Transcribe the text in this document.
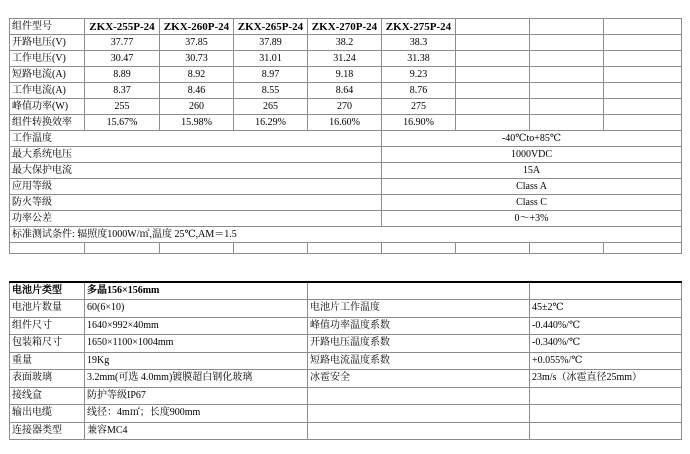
组件型号	ZKX-255P-24	ZKX-260P-24	ZKX-265P-24	ZKX-270P-24	ZKX-275P-24			
开路电压(V)	37.77	37.85	37.89	38.2	38.3			
工作电压(V)	30.47	30.73	31.01	31.24	31.38			
短路电流(A)	8.89	8.92	8.97	9.18	9.23			
工作电流(A)	8.37	8.46	8.55	8.64	8.76			
峰值功率(W)	255	260	265	270	275			
组件转换效率	15.67%	15.98%	16.29%	16.60%	16.90%			
工作温度					-40℃to+85℃			
最大系统电压					1000VDC			
最大保护电流					15A			
应用等级					Class A			
防火等级					Class C			
功率公差					0～+3%			
标准测试条件: 辐照度1000W/㎡,温度 25℃,AM＝1.5								

电池片类型	多晶156×156mm		
电池片数量	60(6×10)	电池片工作温度	45±2℃
组件尺寸	1640×992×40mm	峰值功率温度系数	-0.440%/℃
包装箱尺寸	1650×1100×1004mm	开路电压温度系数	-0.340%/℃
重量	19Kg	短路电流温度系数	+0.055%/℃
表面玻璃	3.2mm(可选 4.0mm)镀膜超白钢化玻璃	冰雹安全	23m/s（冰雹直径25mm）
接线盒	防护等级IP67		
输出电缆	线径：4m㎡；长度900mm		
连接器类型	兼容MC4		
